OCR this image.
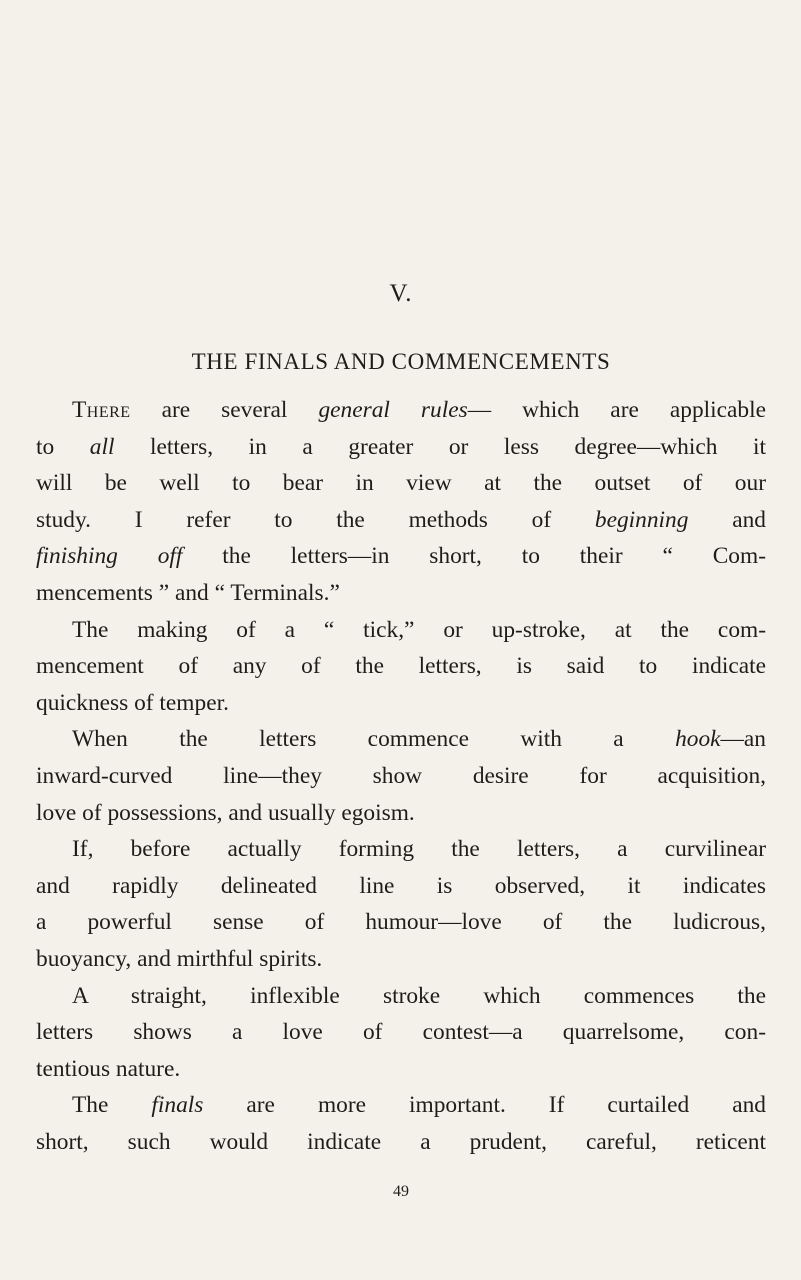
V.
THE FINALS AND COMMENCEMENTS
There are several general rules— which are applicable
to all letters, in a greater or less degree—which it
will be well to bear in view at the outset of our
study. I refer to the methods of beginning and
finishing off the letters—in short, to their “ Com-
mencements ” and “ Terminals.”
The making of a “ tick,” or up-stroke, at the com-
mencement of any of the letters, is said to indicate
quickness of temper.
When the letters commence with a hook—an
inward-curved line—they show desire for acquisition,
love of possessions, and usually egoism.
If, before actually forming the letters, a curvilinear
and rapidly delineated line is observed, it indicates
a powerful sense of humour—love of the ludicrous,
buoyancy, and mirthful spirits.
A straight, inflexible stroke which commences the
letters shows a love of contest—a quarrelsome, con-
tentious nature.
The finals are more important. If curtailed and
short, such would indicate a prudent, careful, reticent
49
